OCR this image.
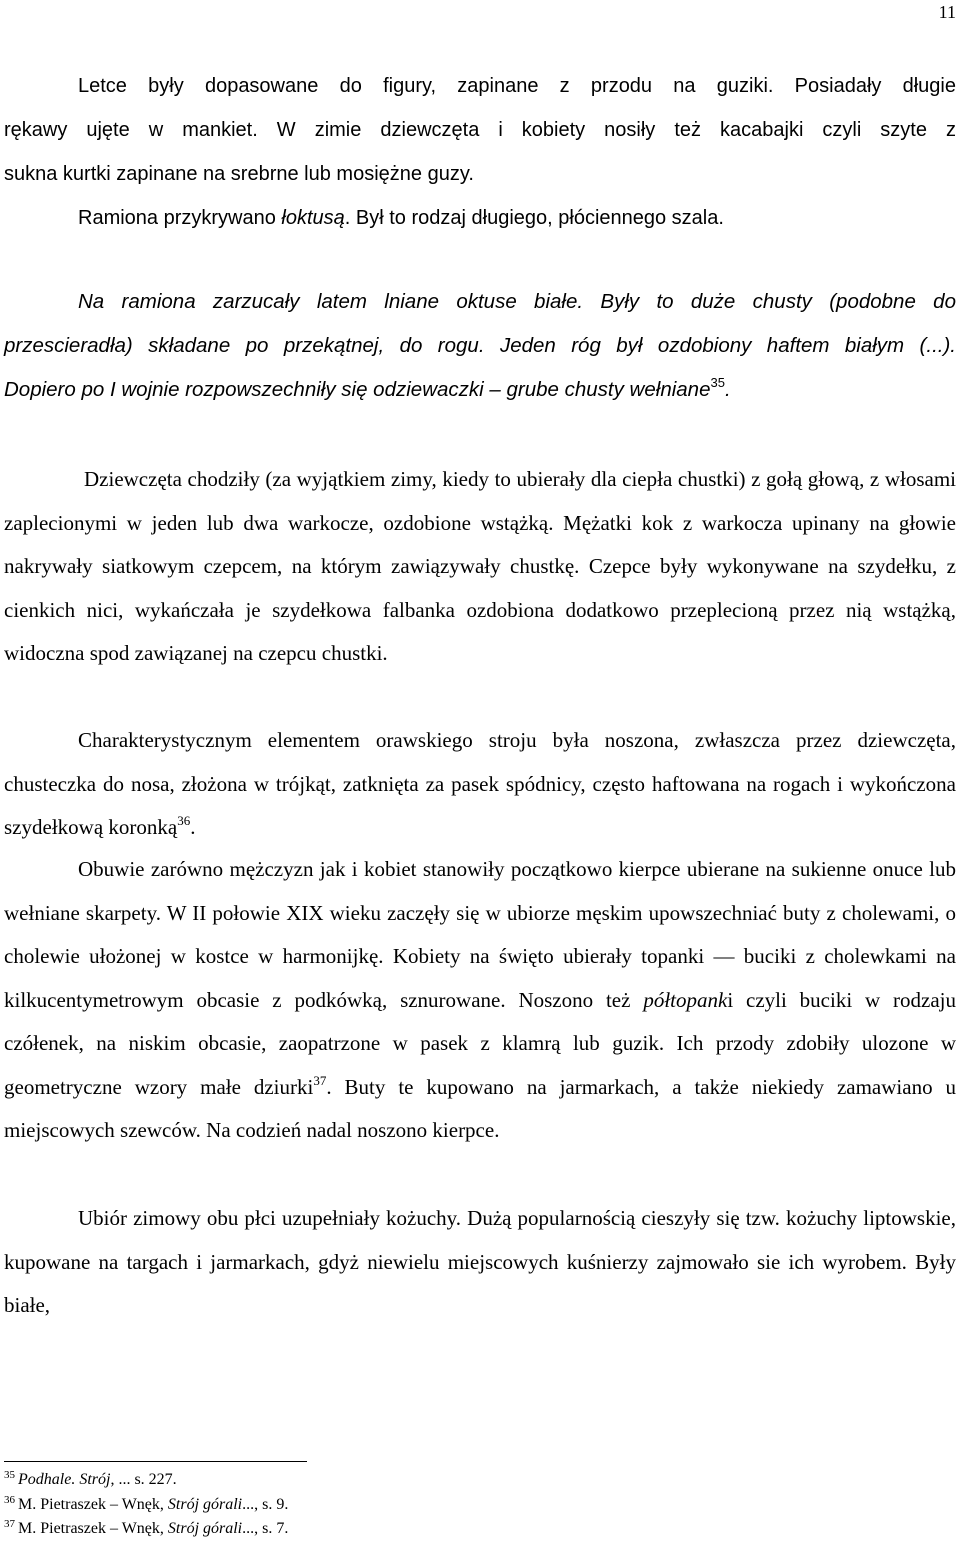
11
Letce były dopasowane do figury, zapinane z przodu na guziki. Posiadały długie
rękawy ujęte w mankiet. W zimie dziewczęta i kobiety nosiły też kacabajki czyli szyte z
sukna kurtki zapinane na srebrne lub mosiężne guzy.
Ramiona przykrywano łoktusą. Był to rodzaj długiego, płóciennego szala.
Na ramiona zarzucały latem lniane oktuse białe. Były to duże chusty (podobne do
przescieradła) składane po przekątnej, do rogu. Jeden róg był ozdobiony haftem białym (...).
Dopiero po I wojnie rozpowszechniły się odziewaczki – grube chusty wełniane$^{35}$.

Dziewczęta chodziły (za wyjątkiem zimy, kiedy to ubierały dla ciepła chustki) z gołą głową, z włosami zaplecionymi w jeden lub dwa warkocze, ozdobione wstążką. Mężatki kok z warkocza upinany na głowie nakrywały siatkowym czepcem, na którym zawiązywały chustkę. Czepce były wykonywane na szydełku, z cienkich nici, wykańczała je szydełkowa falbanka ozdobiona dodatkowo przeplecioną przez nią wstążką, widoczna spod zawiązanej na czepcu chustki.

Charakterystycznym elementem orawskiego stroju była noszona, zwłaszcza przez dziewczęta, chusteczka do nosa, złożona w trójkąt, zatknięta za pasek spódnicy, często haftowana na rogach i wykończona szydełkową koronką$^{36}$.

Obuwie zarówno mężczyzn jak i kobiet stanowiły początkowo kierpce ubierane na sukienne onuce lub wełniane skarpety. W II połowie XIX wieku zaczęły się w ubiorze męskim upowszechniać buty z cholewami, o cholewie ułożonej w kostce w harmonijkę. Kobiety na święto ubierały topanki — buciki z cholewkami na kilkucentymetrowym obcasie z podkówką, sznurowane. Noszono też półtopanki czyli buciki w rodzaju czółenek, na niskim obcasie, zaopatrzone w pasek z klamrą lub guzik. Ich przody zdobiły ulozone w geometryczne wzory małe dziurki$^{37}$. Buty te kupowano na jarmarkach, a także niekiedy zamawiano u miejscowych szewców. Na codzień nadal noszono kierpce.

Ubiór zimowy obu płci uzupełniały kożuchy. Dużą popularnością cieszyły się tzw. kożuchy liptowskie, kupowane na targach i jarmarkach, gdyż niewielu miejscowych kuśnierzy zajmowało sie ich wyrobem. Były białe,

$^{35}$ Podhale. Strój, ... s. 227.
$^{36}$ M. Pietraszek – Wnęk, Strój górali..., s. 9.
$^{37}$ M. Pietraszek – Wnęk, Strój górali..., s. 7.
